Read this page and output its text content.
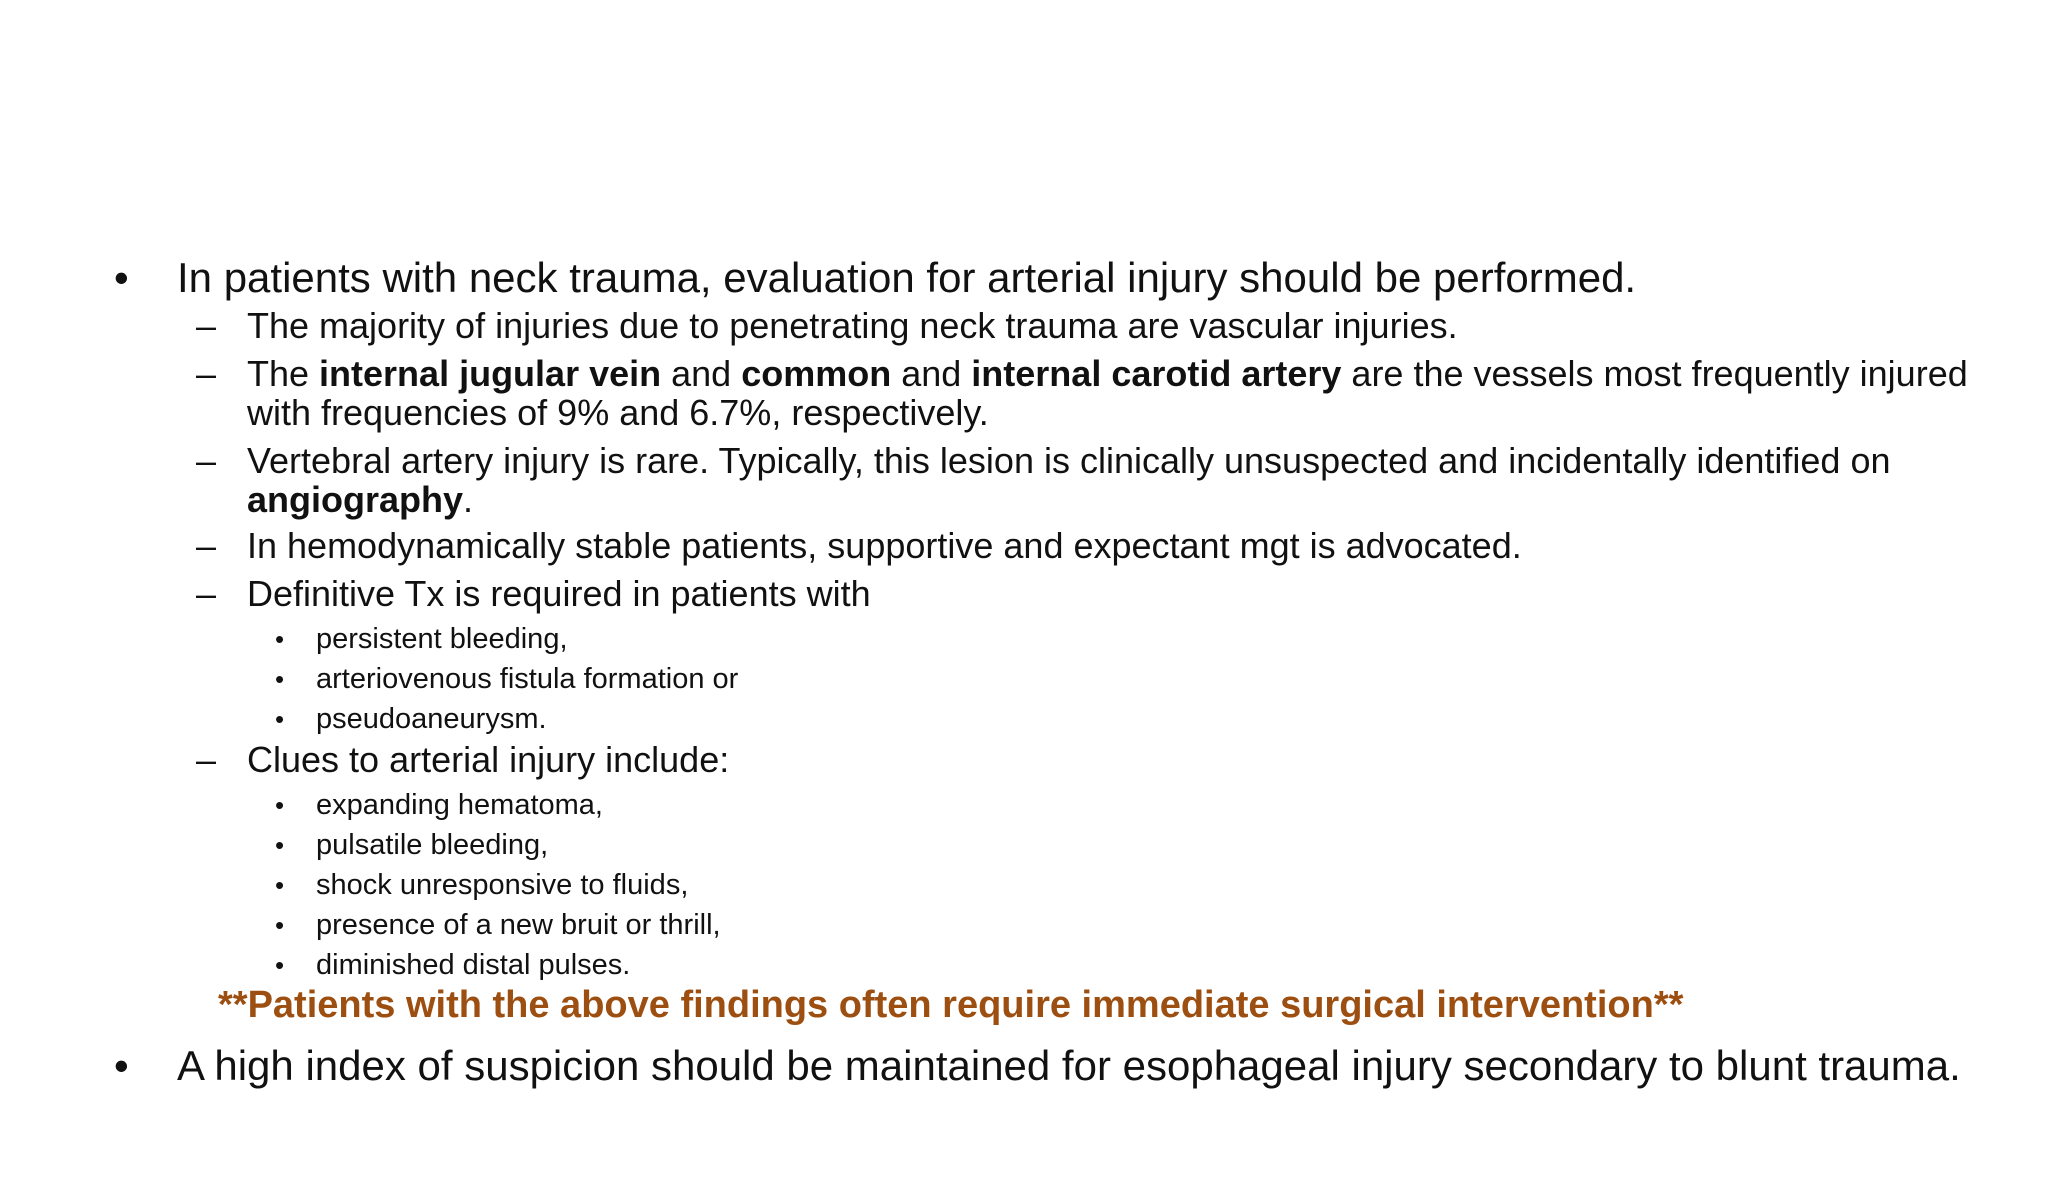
• In patients with neck trauma, evaluation for arterial injury should be performed.
– The majority of injuries due to penetrating neck trauma are vascular injuries.
– The internal jugular vein and common and internal carotid artery are the vessels most frequently injured with frequencies of 9% and 6.7%, respectively.
– Vertebral artery injury is rare. Typically, this lesion is clinically unsuspected and incidentally identified on angiography.
– In hemodynamically stable patients, supportive and expectant mgt is advocated.
– Definitive Tx is required in patients with
• persistent bleeding,
• arteriovenous fistula formation or
• pseudoaneurysm.
– Clues to arterial injury include:
• expanding hematoma,
• pulsatile bleeding,
• shock unresponsive to fluids,
• presence of a new bruit or thrill,
• diminished distal pulses.
**Patients with the above findings often require immediate surgical intervention**
• A high index of suspicion should be maintained for esophageal injury secondary to blunt trauma.
